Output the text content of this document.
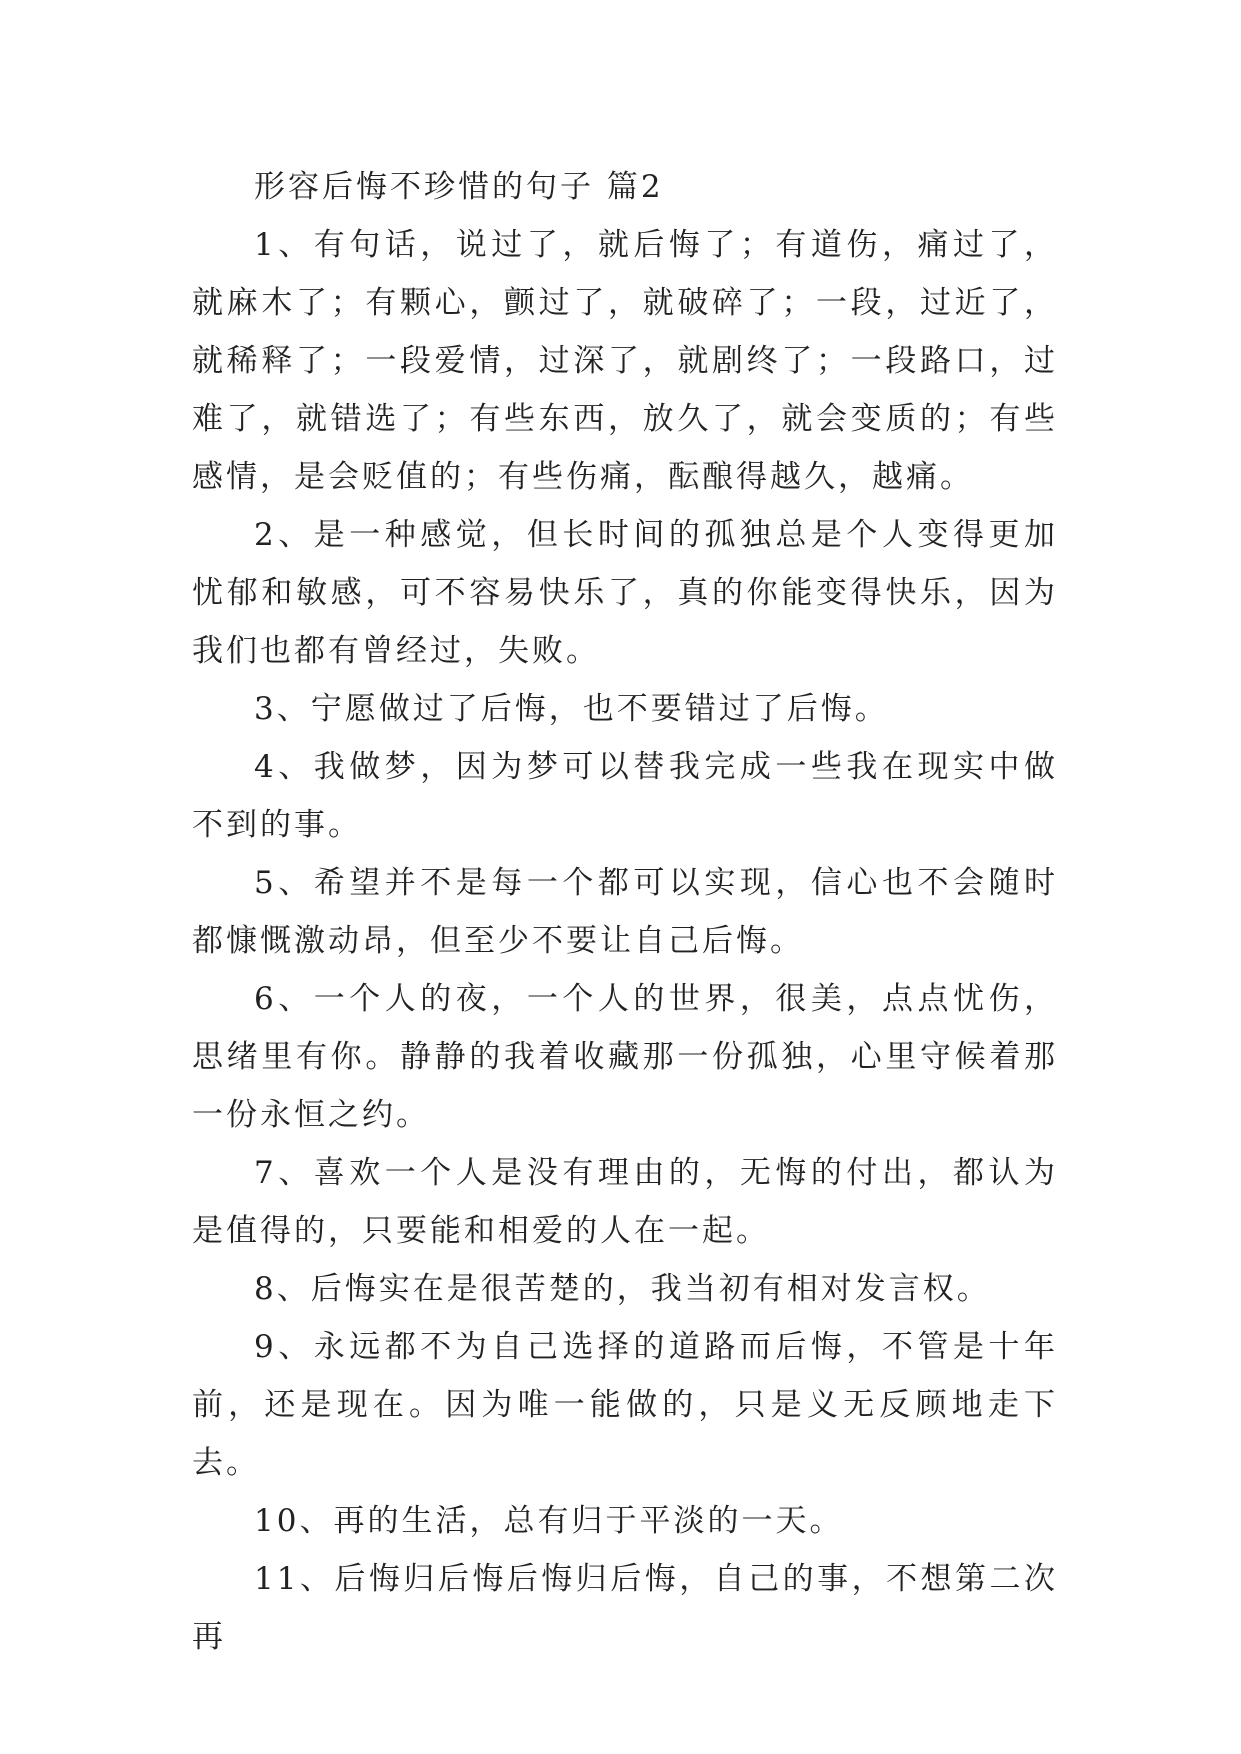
形容后悔不珍惜的句子 篇2

1、有句话，说过了，就后悔了；有道伤，痛过了，就麻木了；有颗心，颤过了，就破碎了；一段，过近了，就稀释了；一段爱情，过深了，就剧终了；一段路口，过难了，就错选了；有些东西，放久了，就会变质的；有些感情，是会贬值的；有些伤痛，酝酿得越久，越痛。

2、是一种感觉，但长时间的孤独总是个人变得更加忧郁和敏感，可不容易快乐了，真的你能变得快乐，因为我们也都有曾经过，失败。

3、宁愿做过了后悔，也不要错过了后悔。

4、我做梦，因为梦可以替我完成一些我在现实中做不到的事。

5、希望并不是每一个都可以实现，信心也不会随时都慷慨激动昂，但至少不要让自己后悔。

6、一个人的夜，一个人的世界，很美，点点忧伤，思绪里有你。静静的我着收藏那一份孤独，心里守候着那一份永恒之约。

7、喜欢一个人是没有理由的，无悔的付出，都认为是值得的，只要能和相爱的人在一起。

8、后悔实在是很苦楚的，我当初有相对发言权。

9、永远都不为自己选择的道路而后悔，不管是十年前，还是现在。因为唯一能做的，只是义无反顾地走下去。

10、再的生活，总有归于平淡的一天。

11、后悔归后悔后悔归后悔，自己的事，不想第二次再
